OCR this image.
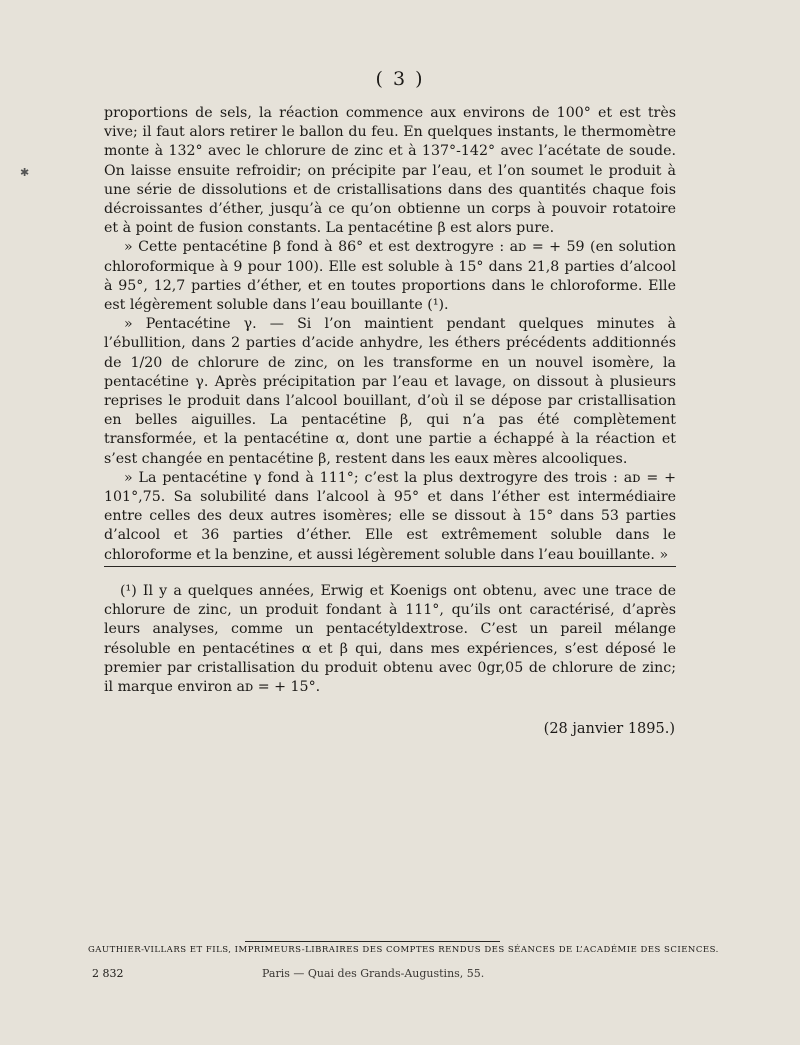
( 3 )
✱

proportions de sels, la réaction commence aux environs de 100° et est très vive; il faut alors retirer le ballon du feu. En quelques instants, le thermomètre monte à 132° avec le chlorure de zinc et à 137°-142° avec l’acétate de soude. On laisse ensuite refroidir; on précipite par l’eau, et l’on soumet le produit à une série de dissolutions et de cristallisations dans des quantités chaque fois décroissantes d’éther, jusqu’à ce qu’on obtienne un corps à pouvoir rotatoire et à point de fusion constants. La pentacétine β est alors pure.

» Cette pentacétine β fond à 86° et est dextrogyre : aᴅ = + 59 (en solution chloroformique à 9 pour 100). Elle est soluble à 15° dans 21,8 parties d’alcool à 95°, 12,7 parties d’éther, et en toutes proportions dans le chloroforme. Elle est légèrement soluble dans l’eau bouillante (¹).

» Pentacétine γ. — Si l’on maintient pendant quelques minutes à l’ébullition, dans 2 parties d’acide anhydre, les éthers précédents additionnés de 1/20 de chlorure de zinc, on les transforme en un nouvel isomère, la pentacétine γ. Après précipitation par l’eau et lavage, on dissout à plusieurs reprises le produit dans l’alcool bouillant, d’où il se dépose par cristallisation en belles aiguilles. La pentacétine β, qui n’a pas été complètement transformée, et la pentacétine α, dont une partie a échappé à la réaction et s’est changée en pentacétine β, restent dans les eaux mères alcooliques.

» La pentacétine γ fond à 111°; c’est la plus dextrogyre des trois : aᴅ = + 101°,75. Sa solubilité dans l’alcool à 95° et dans l’éther est intermédiaire entre celles des deux autres isomères; elle se dissout à 15° dans 53 parties d’alcool et 36 parties d’éther. Elle est extrêmement soluble dans le chloroforme et la benzine, et aussi légèrement soluble dans l’eau bouillante. »

(¹) Il y a quelques années, Erwig et Koenigs ont obtenu, avec une trace de chlorure de zinc, un produit fondant à 111°, qu’ils ont caractérisé, d’après leurs analyses, comme un pentacétyldextrose. C’est un pareil mélange résoluble en pentacétines α et β qui, dans mes expériences, s’est déposé le premier par cristallisation du produit obtenu avec 0gr,05 de chlorure de zinc; il marque environ aᴅ = + 15°.

(28 janvier 1895.)
GAUTHIER-VILLARS ET FILS, IMPRIMEURS-LIBRAIRES DES COMPTES RENDUS DES SÉANCES DE L’ACADÉMIE DES SCIENCES.
2 832	Paris — Quai des Grands-Augustins, 55.
